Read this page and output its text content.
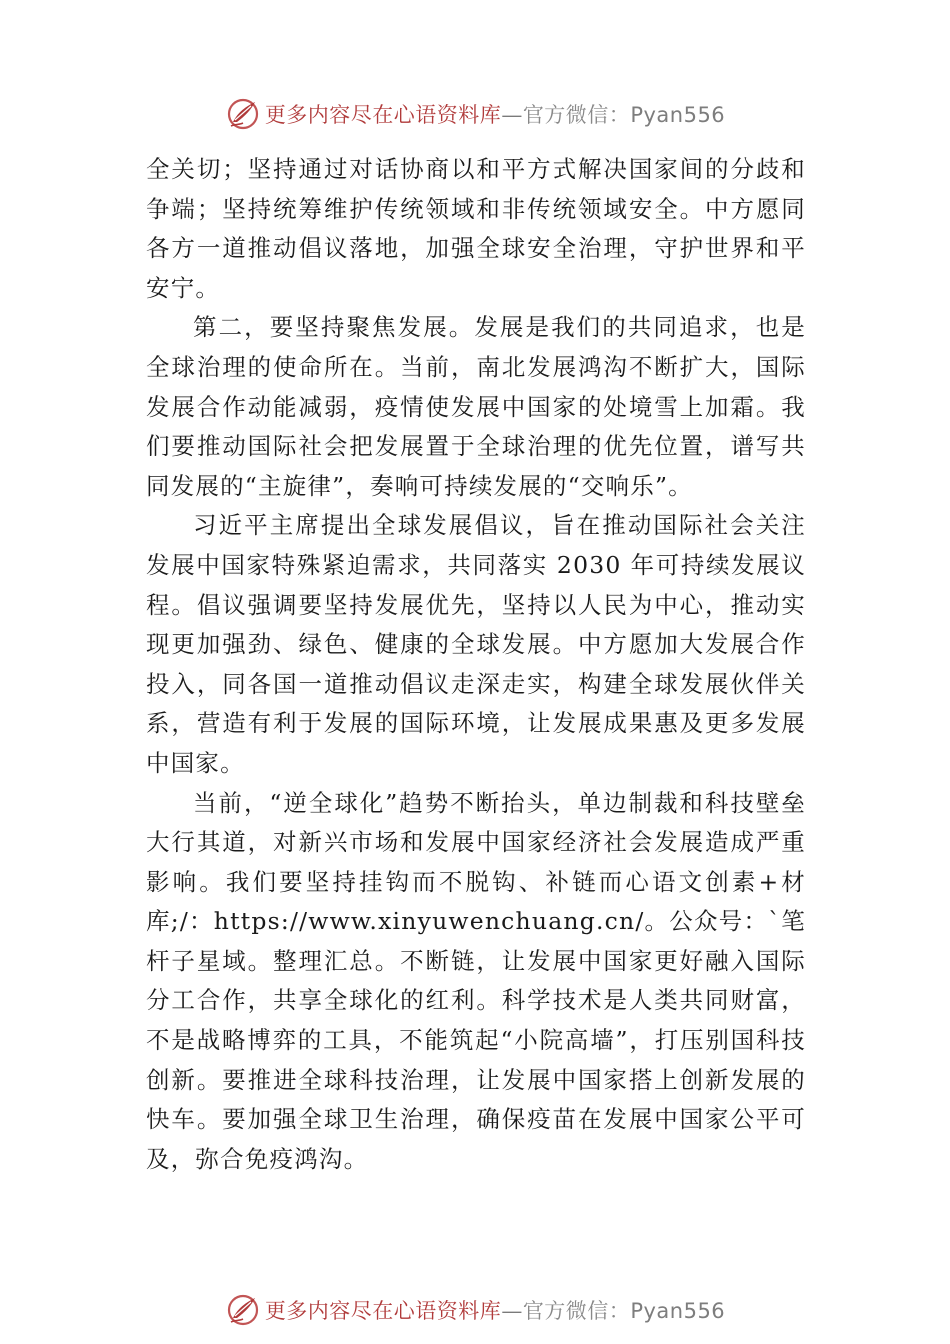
更多内容尽在心语资料库—官方微信：Pyan556

全关切；坚持通过对话协商以和平方式解决国家间的分歧和争端；坚持统筹维护传统领域和非传统领域安全。中方愿同各方一道推动倡议落地，加强全球安全治理，守护世界和平安宁。

第二，要坚持聚焦发展。发展是我们的共同追求，也是全球治理的使命所在。当前，南北发展鸿沟不断扩大，国际发展合作动能减弱，疫情使发展中国家的处境雪上加霜。我们要推动国际社会把发展置于全球治理的优先位置，谱写共同发展的“主旋律”，奏响可持续发展的“交响乐”。

习近平主席提出全球发展倡议，旨在推动国际社会关注发展中国家特殊紧迫需求，共同落实 2030 年可持续发展议程。倡议强调要坚持发展优先，坚持以人民为中心，推动实现更加强劲、绿色、健康的全球发展。中方愿加大发展合作投入，同各国一道推动倡议走深走实，构建全球发展伙伴关系，营造有利于发展的国际环境，让发展成果惠及更多发展中国家。

当前，“逆全球化”趋势不断抬头，单边制裁和科技壁垒大行其道，对新兴市场和发展中国家经济社会发展造成严重影响。我们要坚持挂钩而不脱钩、补链而心语文创素+材库;/：https://www.xinyuwenchuang.cn/。公众号：`笔杆子星域。整理汇总。不断链，让发展中国家更好融入国际分工合作，共享全球化的红利。科学技术是人类共同财富，不是战略博弈的工具，不能筑起“小院高墙”，打压别国科技创新。要推进全球科技治理，让发展中国家搭上创新发展的快车。要加强全球卫生治理，确保疫苗在发展中国家公平可及，弥合免疫鸿沟。

更多内容尽在心语资料库—官方微信：Pyan556
